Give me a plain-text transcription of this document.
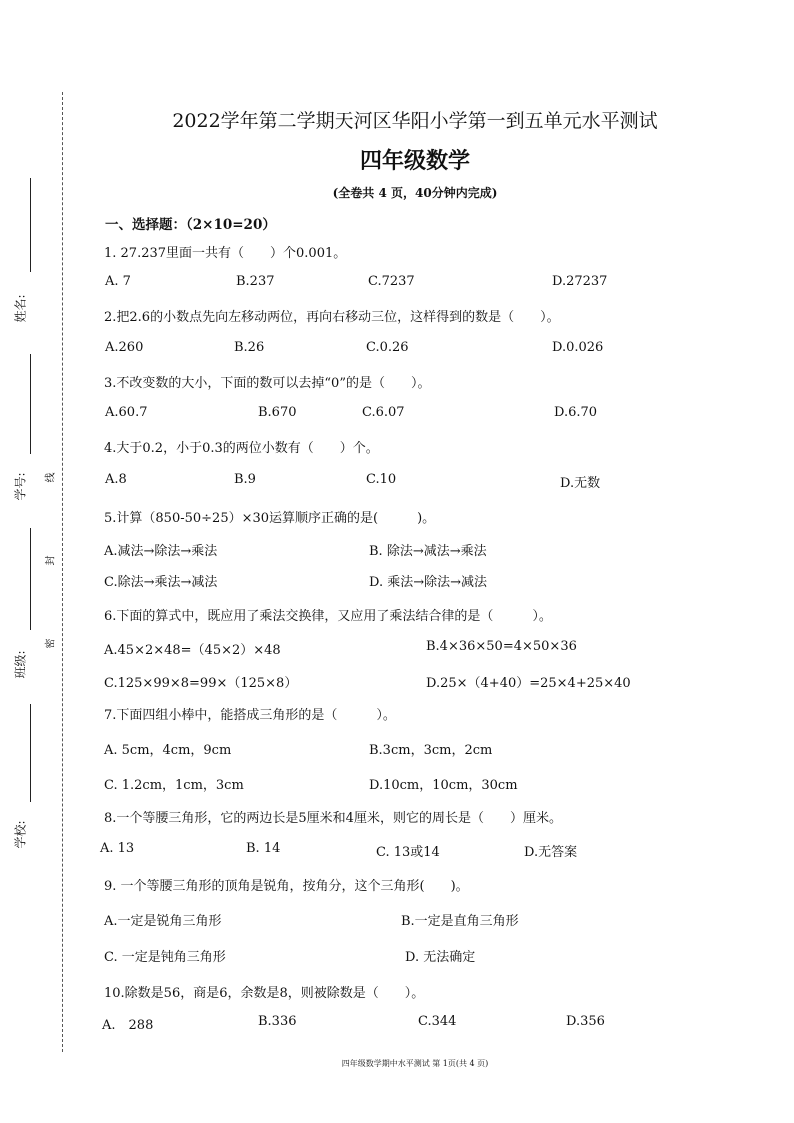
姓名:
学号:	线
封
密
班级:
学校:
2022学年第二学期天河区华阳小学第一到五单元水平测试
四年级数学
(全卷共 4 页，40分钟内完成)
一、选择题：（2×10=20）
1. 27.237里面一共有（　　）个0.001。
A. 7	B.237	C.7237	D.27237
2.把2.6的小数点先向左移动两位，再向右移动三位，这样得到的数是（　　）。
A.260	B.26	C.0.26	D.0.026
3.不改变数的大小，下面的数可以去掉“0”的是（　　）。
A.60.7	B.670	C.6.07	D.6.70
4.大于0.2，小于0.3的两位小数有（　　）个。
A.8	B.9	C.10	D.无数
5.计算（850-50÷25）×30运算顺序正确的是(　　　)。
A.减法→除法→乘法	B. 除法→减法→乘法
C.除法→乘法→减法	D. 乘法→除法→减法
6.下面的算式中，既应用了乘法交换律，又应用了乘法结合律的是（　　　）。
A.45×2×48=（45×2）×48	B.4×36×50=4×50×36
C.125×99×8=99×（125×8）	D.25×（4+40）=25×4+25×40
7.下面四组小棒中，能搭成三角形的是（　　　）。
A. 5cm，4cm，9cm	B.3cm，3cm，2cm
C. 1.2cm，1cm，3cm	D.10cm，10cm，30cm
8.一个等腰三角形，它的两边长是5厘米和4厘米，则它的周长是（　　）厘米。
A. 13	B. 14	C. 13或14	D.无答案
9. 一个等腰三角形的顶角是锐角，按角分，这个三角形(　　)。
A.一定是锐角三角形	B.一定是直角三角形
C. 一定是钝角三角形	D. 无法确定
10.除数是56，商是6，余数是8，则被除数是（　　）。
A.　288	B.336	C.344	D.356
四年级数学期中水平测试 第 1页(共 4 页)
